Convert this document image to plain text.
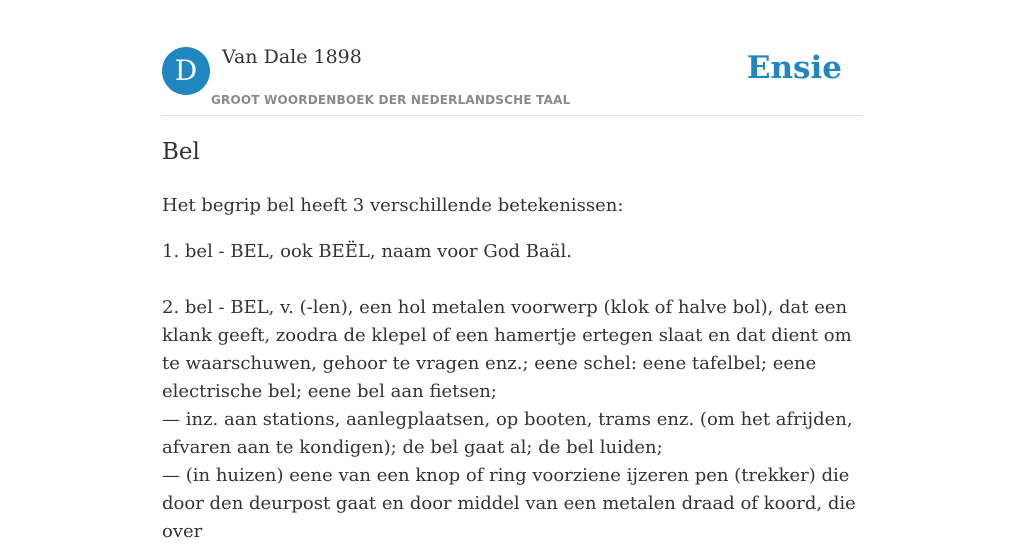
D	Van Dale 1898
GROOT WOORDENBOEK DER NEDERLANDSCHE TAAL
Ensie
Bel

Het begrip bel heeft 3 verschillende betekenissen:

1. bel - BEL, ook BEËL, naam voor God Baäl.

2. bel - BEL, v. (-len), een hol metalen voorwerp (klok of halve bol), dat een klank geeft, zoodra de klepel of een hamertje ertegen slaat en dat dient om te waarschuwen, gehoor te vragen enz.; eene schel: eene tafelbel; eene electrische bel; eene bel aan fietsen;

— inz. aan stations, aanlegplaatsen, op booten, trams enz. (om het afrijden, afvaren aan te kondigen); de bel gaat al; de bel luiden;

— (in huizen) eene van een knop of ring voorziene ijzeren pen (trekker) die door den deurpost gaat en door middel van een metalen draad of koord, die over
